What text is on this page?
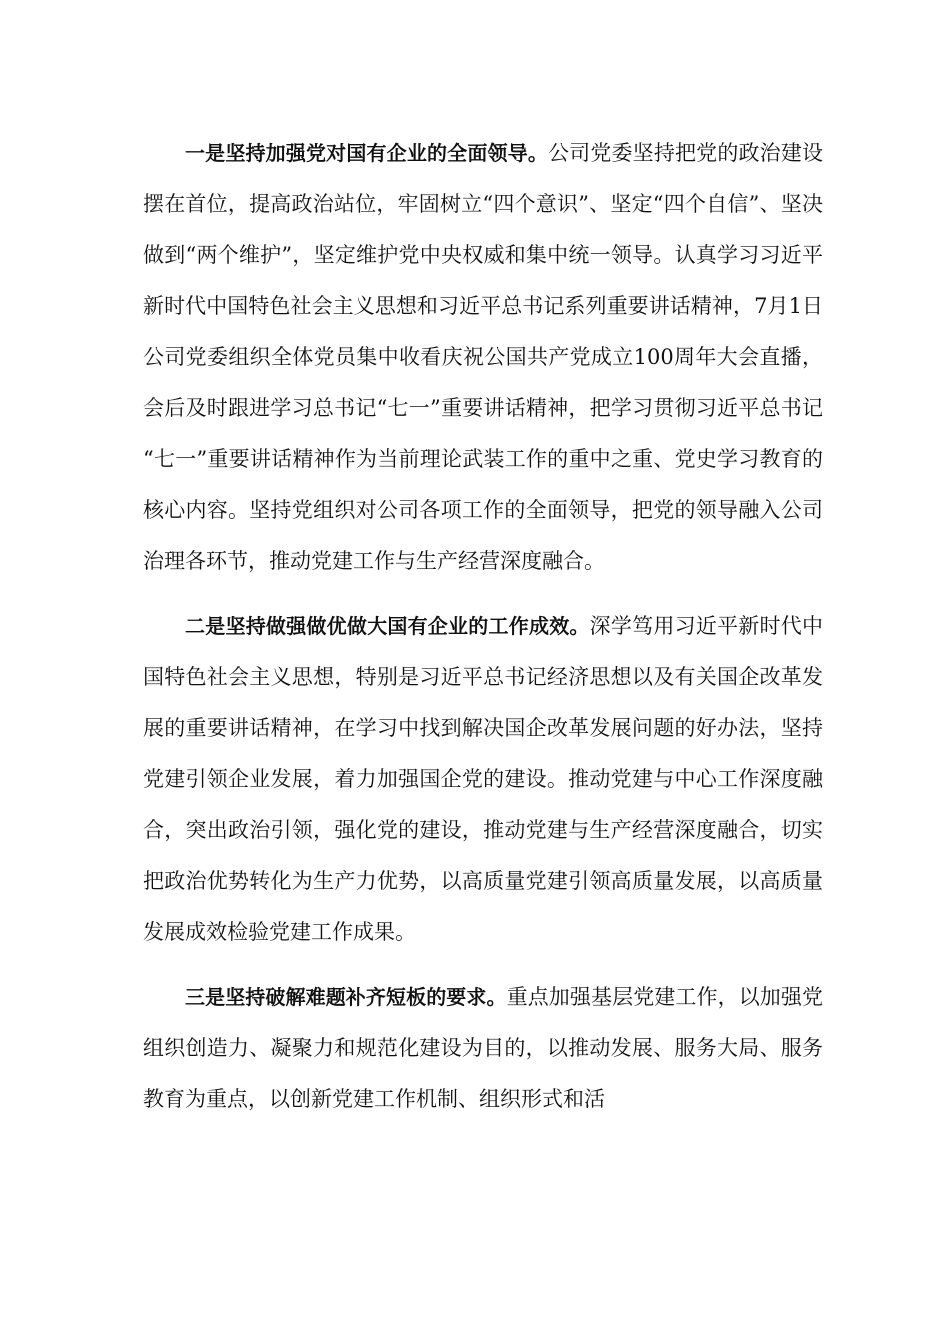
一是坚持加强党对国有企业的全面领导。公司党委坚持把党的政治建设摆在首位，提高政治站位，牢固树立“四个意识”、坚定“四个自信”、坚决做到“两个维护”，坚定维护党中央权威和集中统一领导。认真学习习近平新时代中国特色社会主义思想和习近平总书记系列重要讲话精神，7月1日公司党委组织全体党员集中收看庆祝公国共产党成立100周年大会直播，会后及时跟进学习总书记“七一”重要讲话精神，把学习贯彻习近平总书记“七一”重要讲话精神作为当前理论武装工作的重中之重、党史学习教育的核心内容。坚持党组织对公司各项工作的全面领导，把党的领导融入公司治理各环节，推动党建工作与生产经营深度融合。

二是坚持做强做优做大国有企业的工作成效。深学笃用习近平新时代中国特色社会主义思想，特别是习近平总书记经济思想以及有关国企改革发展的重要讲话精神，在学习中找到解决国企改革发展问题的好办法，坚持党建引领企业发展，着力加强国企党的建设。推动党建与中心工作深度融合，突出政治引领，强化党的建设，推动党建与生产经营深度融合，切实把政治优势转化为生产力优势，以高质量党建引领高质量发展，以高质量发展成效检验党建工作成果。

三是坚持破解难题补齐短板的要求。重点加强基层党建工作，以加强党组织创造力、凝聚力和规范化建设为目的，以推动发展、服务大局、服务教育为重点，以创新党建工作机制、组织形式和活
